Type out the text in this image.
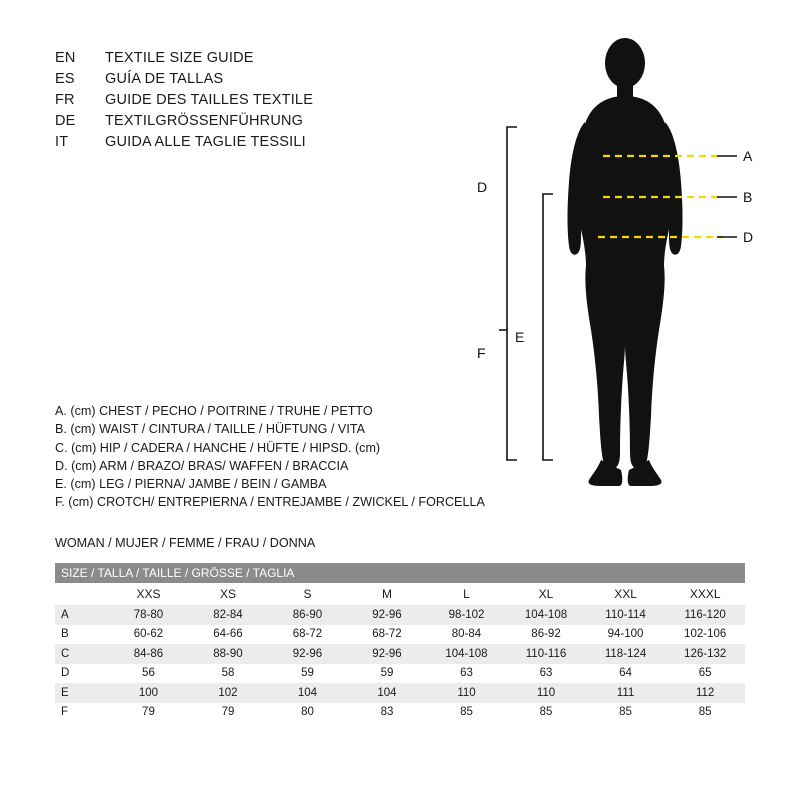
EN	TEXTILE SIZE GUIDE
ES	GUÍA DE TALLAS
FR	GUIDE DES TAILLES TEXTILE
DE	TEXTILGRÖSSENFÜHRUNG
IT	GUIDA ALLE TAGLIE TESSILI
A
B
D
D
E
F
A. (cm) CHEST / PECHO / POITRINE / TRUHE / PETTO
B. (cm) WAIST / CINTURA / TAILLE / HÜFTUNG / VITA
C. (cm) HIP / CADERA / HANCHE / HÜFTE / HIPSD. (cm)
D. (cm) ARM / BRAZO/ BRAS/ WAFFEN / BRACCIA
E. (cm) LEG / PIERNA/ JAMBE / BEIN / GAMBA
F. (cm) CROTCH/ ENTREPIERNA / ENTREJAMBE / ZWICKEL / FORCELLA
WOMAN / MUJER / FEMME / FRAU / DONNA
SIZE / TALLA / TAILLE / GRÖSSE / TAGLIA								
	XXS	XS	S	M	L	XL	XXL	XXXL
A	78-80	82-84	86-90	92-96	98-102	104-108	110-114	116-120
B	60-62	64-66	68-72	68-72	80-84	86-92	94-100	102-106
C	84-86	88-90	92-96	92-96	104-108	110-116	118-124	126-132
D	56	58	59	59	63	63	64	65
E	100	102	104	104	110	110	111	112
F	79	79	80	83	85	85	85	85
